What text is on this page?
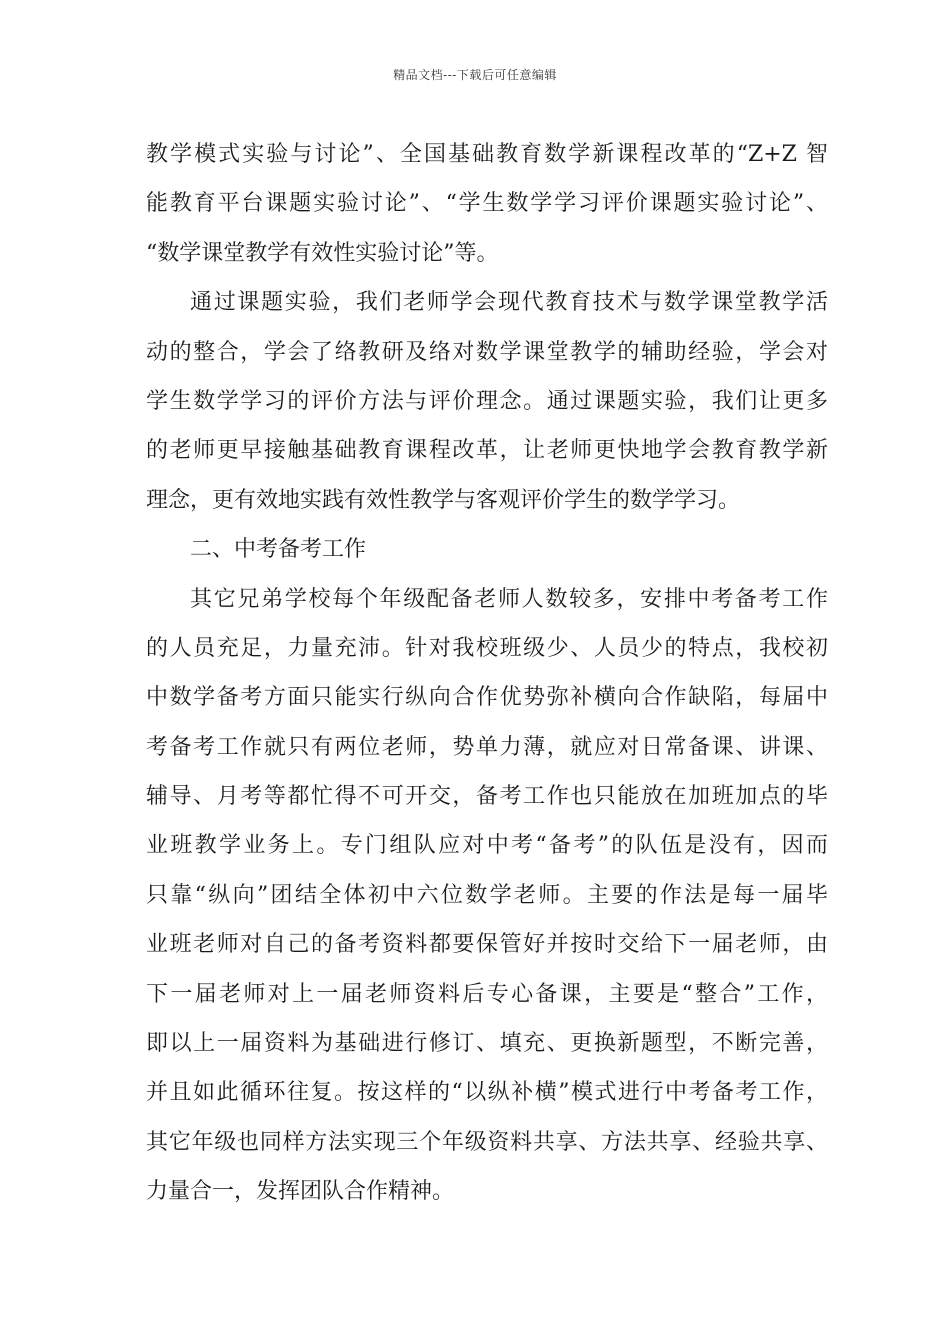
精品文档---下载后可任意编辑
教学模式实验与讨论”、全国基础教育数学新课程改革的“Z+Z 智
能教育平台课题实验讨论”、“学生数学学习评价课题实验讨论”、
“数学课堂教学有效性实验讨论”等。
通过课题实验，我们老师学会现代教育技术与数学课堂教学活
动的整合，学会了络教研及络对数学课堂教学的辅助经验，学会对
学生数学学习的评价方法与评价理念。通过课题实验，我们让更多
的老师更早接触基础教育课程改革，让老师更快地学会教育教学新
理念，更有效地实践有效性教学与客观评价学生的数学学习。
二、中考备考工作
其它兄弟学校每个年级配备老师人数较多，安排中考备考工作
的人员充足，力量充沛。针对我校班级少、人员少的特点，我校初
中数学备考方面只能实行纵向合作优势弥补横向合作缺陷，每届中
考备考工作就只有两位老师，势单力薄，就应对日常备课、讲课、
辅导、月考等都忙得不可开交，备考工作也只能放在加班加点的毕
业班教学业务上。专门组队应对中考“备考”的队伍是没有，因而
只靠“纵向”团结全体初中六位数学老师。主要的作法是每一届毕
业班老师对自己的备考资料都要保管好并按时交给下一届老师，由
下一届老师对上一届老师资料后专心备课，主要是“整合”工作，
即以上一届资料为基础进行修订、填充、更换新题型，不断完善，
并且如此循环往复。按这样的“以纵补横”模式进行中考备考工作，
其它年级也同样方法实现三个年级资料共享、方法共享、经验共享、
力量合一，发挥团队合作精神。
